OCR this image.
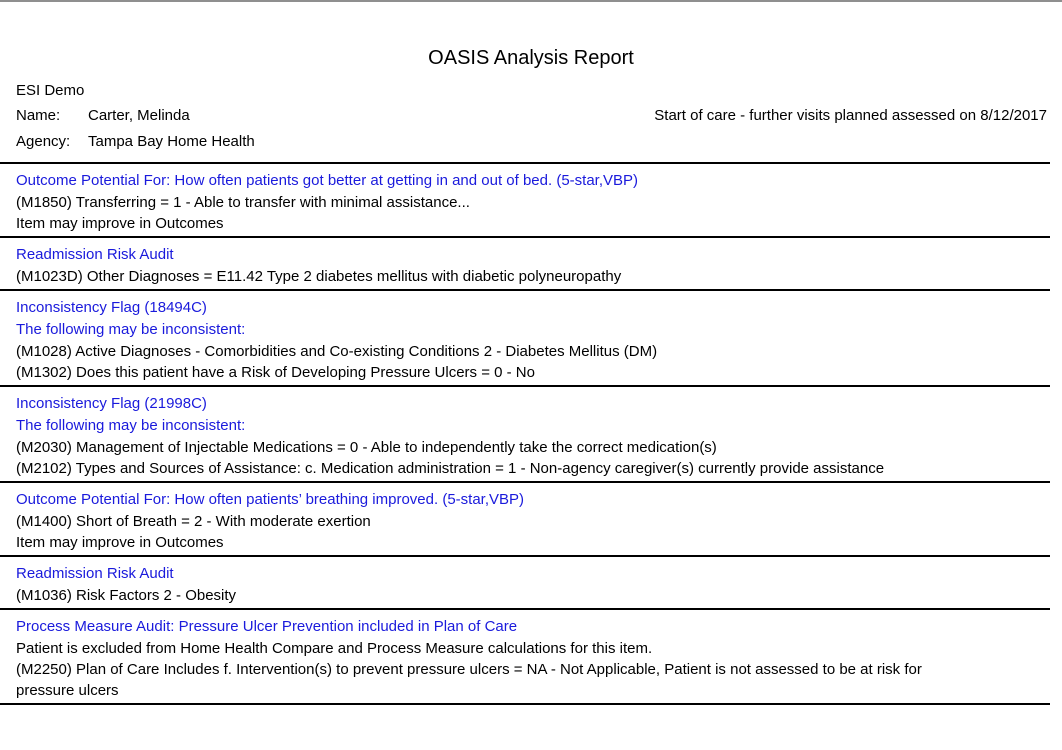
OASIS Analysis Report
ESI Demo
Name: Carter, Melinda	Start of care - further visits planned assessed on 8/12/2017
Agency: Tampa Bay Home Health
Outcome Potential For: How often patients got better at getting in and out of bed. (5-star,VBP)
(M1850) Transferring = 1 - Able to transfer with minimal assistance...
Item may improve in Outcomes
Readmission Risk Audit
(M1023D) Other Diagnoses = E11.42 Type 2 diabetes mellitus with diabetic polyneuropathy
Inconsistency Flag (18494C)
The following may be inconsistent:
(M1028) Active Diagnoses - Comorbidities and Co-existing Conditions 2 - Diabetes Mellitus (DM)
(M1302) Does this patient have a Risk of Developing Pressure Ulcers = 0 - No
Inconsistency Flag (21998C)
The following may be inconsistent:
(M2030) Management of Injectable Medications = 0 - Able to independently take the correct medication(s)
(M2102) Types and Sources of Assistance: c. Medication administration = 1 - Non-agency caregiver(s) currently provide assistance
Outcome Potential For: How often patients’ breathing improved. (5-star,VBP)
(M1400) Short of Breath = 2 - With moderate exertion
Item may improve in Outcomes
Readmission Risk Audit
(M1036) Risk Factors 2 - Obesity
Process Measure Audit: Pressure Ulcer Prevention included in Plan of Care
Patient is excluded from Home Health Compare and Process Measure calculations for this item.
(M2250) Plan of Care Includes f. Intervention(s) to prevent pressure ulcers = NA - Not Applicable, Patient is not assessed to be at risk for pressure ulcers
